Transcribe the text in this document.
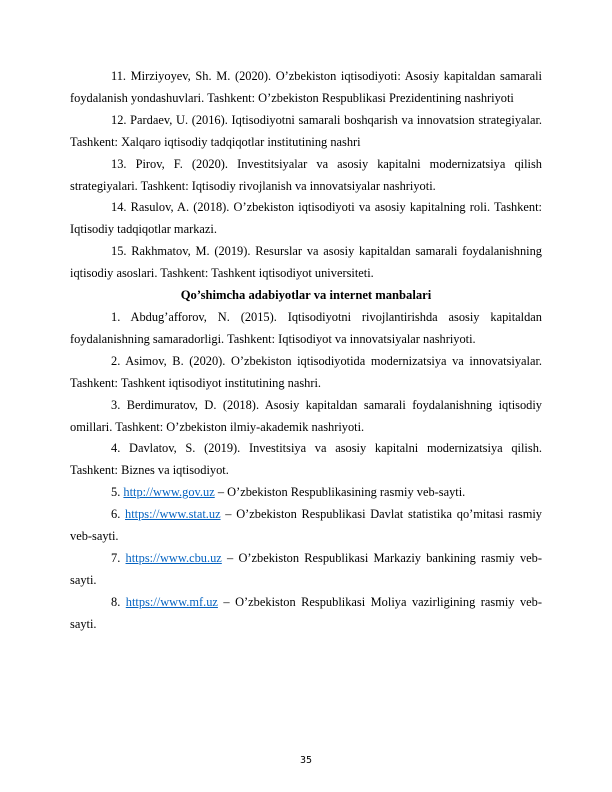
11. Mirziyoyev, Sh. M. (2020). O’zbekiston iqtisodiyoti: Asosiy kapitaldan samarali foydalanish yondashuvlari. Tashkent: O’zbekiston Respublikasi Prezidentining nashriyoti

12. Pardaev, U. (2016). Iqtisodiyotni samarali boshqarish va innovatsion strategiyalar. Tashkent: Xalqaro iqtisodiy tadqiqotlar institutining nashri

13. Pirov, F. (2020). Investitsiyalar va asosiy kapitalni modernizatsiya qilish strategiyalari. Tashkent: Iqtisodiy rivojlanish va innovatsiyalar nashriyoti.

14. Rasulov, A. (2018). O’zbekiston iqtisodiyoti va asosiy kapitalning roli. Tashkent: Iqtisodiy tadqiqotlar markazi.

15. Rakhmatov, M. (2019). Resurslar va asosiy kapitaldan samarali foydalanishning iqtisodiy asoslari. Tashkent: Tashkent iqtisodiyot universiteti.

Qo’shimcha adabiyotlar va internet manbalari

1. Abdug’afforov, N. (2015). Iqtisodiyotni rivojlantirishda asosiy kapitaldan foydalanishning samaradorligi. Tashkent: Iqtisodiyot va innovatsiyalar nashriyoti.

2. Asimov, B. (2020). O’zbekiston iqtisodiyotida modernizatsiya va innovatsiyalar. Tashkent: Tashkent iqtisodiyot institutining nashri.

3. Berdimuratov, D. (2018). Asosiy kapitaldan samarali foydalanishning iqtisodiy omillari. Tashkent: O’zbekiston ilmiy-akademik nashriyoti.

4. Davlatov, S. (2019). Investitsiya va asosiy kapitalni modernizatsiya qilish. Tashkent: Biznes va iqtisodiyot.

5. http://www.gov.uz – O’zbekiston Respublikasining rasmiy veb-sayti.

6. https://www.stat.uz – O’zbekiston Respublikasi Davlat statistika qo’mitasi rasmiy veb-sayti.

7. https://www.cbu.uz – O’zbekiston Respublikasi Markaziy bankining rasmiy veb-sayti.

8. https://www.mf.uz – O’zbekiston Respublikasi Moliya vazirligining rasmiy veb-sayti.

35
